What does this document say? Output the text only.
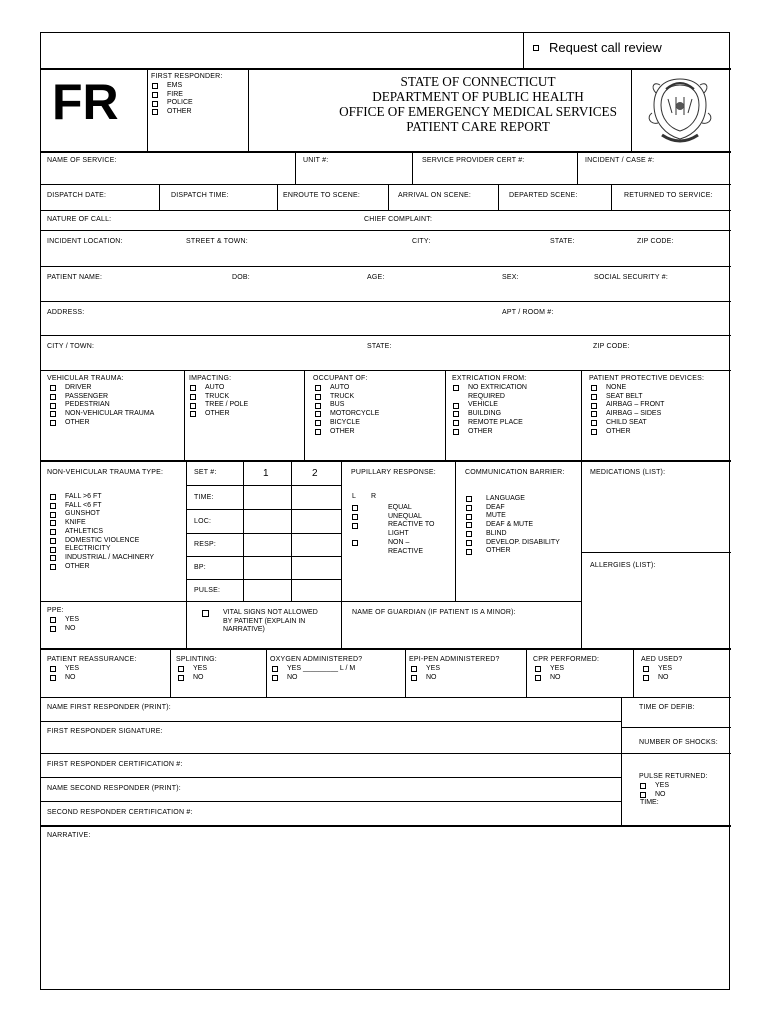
Request call review
FR	FIRST RESPONDER:
EMS
FIRE
POLICE
OTHER
STATE OF CONNECTICUT
DEPARTMENT OF PUBLIC HEALTH
OFFICE OF EMERGENCY MEDICAL SERVICES
PATIENT CARE REPORT
NAME OF SERVICE:	UNIT #:	SERVICE PROVIDER CERT #:	INCIDENT / CASE #:
DISPATCH DATE:	DISPATCH TIME:	ENROUTE TO SCENE:	ARRIVAL ON SCENE:	DEPARTED SCENE:	RETURNED TO SERVICE:
NATURE OF CALL:	CHIEF COMPLAINT:
INCIDENT LOCATION:	STREET & TOWN:	CITY:	STATE:	ZIP CODE:
PATIENT NAME:	DOB:	AGE:	SEX:	SOCIAL SECURITY #:
ADDRESS:	APT / ROOM #:
CITY / TOWN:	STATE:	ZIP CODE:
VEHICULAR TRAUMA:
DRIVER
PASSENGER
PEDESTRIAN
NON-VEHICULAR TRAUMA
OTHER
IMPACTING:
AUTO
TRUCK
TREE / POLE
OTHER
OCCUPANT OF:
AUTO
TRUCK
BUS
MOTORCYCLE
BICYCLE
OTHER
EXTRICATION FROM:
NO EXTRICATION
REQUIRED
VEHICLE
BUILDING
REMOTE PLACE
OTHER
PATIENT PROTECTIVE DEVICES:
NONE
SEAT BELT
AIRBAG – FRONT
AIRBAG – SIDES
CHILD SEAT
OTHER
NON-VEHICULAR TRAUMA TYPE:
FALL >6 FT
FALL <6 FT
GUNSHOT
KNIFE
ATHLETICS
DOMESTIC VIOLENCE
ELECTRICITY
INDUSTRIAL / MACHINERY
OTHER
SET #:	1	2
TIME:
LOC:
RESP:
BP:
PULSE:
PUPILLARY RESPONSE:
L R
EQUAL
UNEQUAL
REACTIVE TO
LIGHT
NON –
REACTIVE
COMMUNICATION BARRIER:
LANGUAGE
DEAF
MUTE
DEAF & MUTE
BLIND
DEVELOP. DISABILITY
OTHER
MEDICATIONS (LIST):
ALLERGIES (LIST):
PPE:
YES
NO
VITAL SIGNS NOT ALLOWED
BY PATIENT (EXPLAIN IN
NARRATIVE)
NAME OF GUARDIAN (IF PATIENT IS A MINOR):
PATIENT REASSURANCE:
YES
NO
SPLINTING:
YES
NO
OXYGEN ADMINISTERED?
YES _________ L / M
NO
EPI-PEN ADMINISTERED?
YES
NO
CPR PERFORMED:
YES
NO
AED USED?
YES
NO
NAME FIRST RESPONDER (PRINT):
FIRST RESPONDER SIGNATURE:
FIRST RESPONDER CERTIFICATION #:
NAME SECOND RESPONDER (PRINT):
SECOND RESPONDER CERTIFICATION #:
TIME OF DEFIB:
NUMBER OF SHOCKS:
PULSE RETURNED:
YES
NO
TIME:
NARRATIVE:
